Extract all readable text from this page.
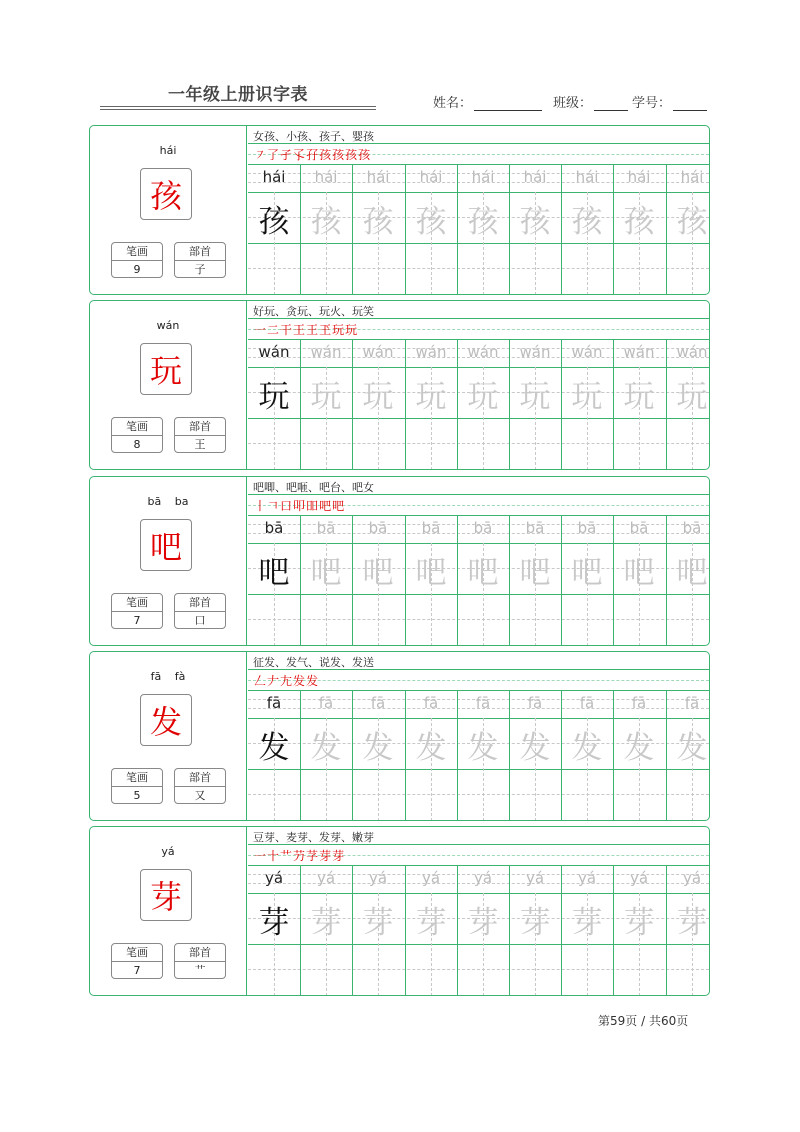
一年级上册识字表	姓名：	班级：	学号：
hái
孩
笔画
9
部首
子
女孩、小孩、孩子、婴孩
㇇了孑孓孖孩孩孩孩
hái
孩
hái
孩
hái
孩
hái
孩
hái
孩
hái
孩
hái
孩
hái
孩
hái
孩
wán
玩
笔画
8
部首
王
好玩、贪玩、玩火、玩笑
一二干王王玊玩玩
wán
玩
wán
玩
wán
玩
wán
玩
wán
玩
wán
玩
wán
玩
wán
玩
wán
玩
bā ba
吧
笔画
7
部首
口
吧唧、吧咂、吧台、吧女
丨𠃍口叩吅吧吧
bā
吧
bā
吧
bā
吧
bā
吧
bā
吧
bā
吧
bā
吧
bā
吧
bā
吧
fā fà
发
笔画
5
部首
又
征发、发气、说发、发送
𠃋𠂇𡯁发发
fā
发
fā
发
fā
发
fā
发
fā
发
fā
发
fā
发
fā
发
fā
发
yá
芽
笔画
7
部首
艹
豆芽、麦芽、发芽、嫩芽
一十艹芀芓芽芽
yá
芽
yá
芽
yá
芽
yá
芽
yá
芽
yá
芽
yá
芽
yá
芽
yá
芽
第59页 / 共60页
